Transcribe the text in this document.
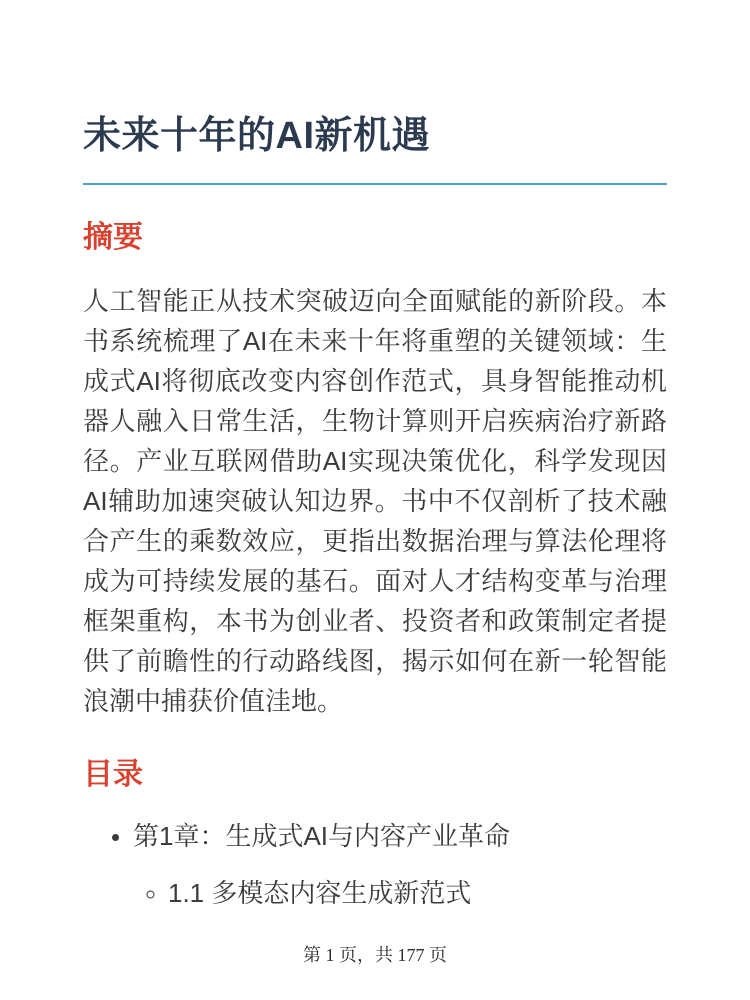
未来十年的AI新机遇
摘要

人工智能正从技术突破迈向全面赋能的新阶段。本书系统梳理了AI在未来十年将重塑的关键领域：生成式AI将彻底改变内容创作范式，具身智能推动机器人融入日常生活，生物计算则开启疾病治疗新路径。产业互联网借助AI实现决策优化，科学发现因AI辅助加速突破认知边界。书中不仅剖析了技术融合产生的乘数效应，更指出数据治理与算法伦理将成为可持续发展的基石。面对人才结构变革与治理框架重构，本书为创业者、投资者和政策制定者提供了前瞻性的行动路线图，揭示如何在新一轮智能浪潮中捕获价值洼地。

目录
• 第1章：生成式AI与内容产业革命
◦ 1.1 多模态内容生成新范式
第 1 页，共 177 页
